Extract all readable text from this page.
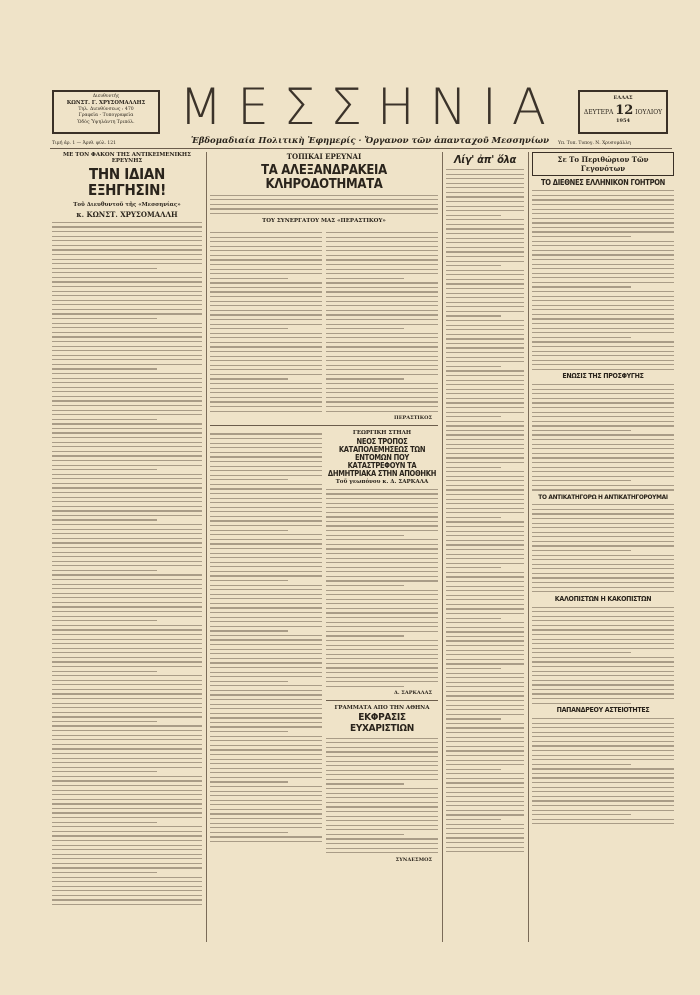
Διευθυντής
ΚΩΝΣΤ. Γ. ΧΡΥΣΟΜΑΛΛΗΣ
Τηλ. Διευθύνσεως : 470
Γραφεῖα - Τυπογραφεῖα
Ὁδὸς Ὑψηλάντη Τριπόλ. ΜΕΣΣΗΝΙΑ	ΕΛΛΑΣ
ΔΕΥΤΕΡΑ 12 ΙΟΥΛΙΟΥ
1954
Ἑβδομαδιαία Πολιτικὴ Ἐφημερίς · Ὄργανον τῶν ἁπανταχοῦ Μεσσηνίων
Τιμή ἀρ. 1 — Ἀριθ. φύλ. 121	Υπ. Τυπ. Τυπογ. Ν. Χρυσομάλλη
ΜΕ ΤΟΝ ΦΑΚΟΝ ΤΗΣ ΑΝΤΙΚΕΙΜΕΝΙΚΗΣ ΕΡΕΥΝΗΣ
ΤΗΝ ΙΔΙΑΝ ΕΞΗΓΗΣΙΝ!
Τοῦ Διευθυντοῦ τῆς «Μεσσηνίας»
κ. ΚΩΝΣΤ. ΧΡΥΣΟΜΑΛΛΗ
ΤΟΠΙΚΑΙ ΕΡΕΥΝΑΙ
ΤΑ ΑΛΕΞΑΝΔΡΑΚΕΙΑ ΚΛΗΡΟΔΟΤΗΜΑΤΑ
ΤΟΥ ΣΥΝΕΡΓΑΤΟΥ ΜΑΣ «ΠΕΡΑΣΤΙΚΟΥ»
ΠΕΡΑΣΤΙΚΟΣ
ΓΕΩΡΓΙΚΗ ΣΤΗΛΗ
ΝΕΟΣ ΤΡΟΠΟΣ ΚΑΤΑΠΟΛΕΜΗΣΕΩΣ ΤΩΝ ΕΝΤΟΜΩΝ ΠΟΥ ΚΑΤΑΣΤΡΕΦΟΥΝ ΤΑ ΔΗΜΗΤΡΙΑΚΑ ΣΤΗΝ ΑΠΟΘΗΚΗ
Τοῦ γεωπόνου κ. Δ. ΣΑΡΚΑΛΑ
Δ. ΣΑΡΚΑΛΑΣ
ΓΡΑΜΜΑΤΑ ΑΠΟ ΤΗΝ ΑΘΗΝΑ
ΕΚΦΡΑΣΙΣ ΕΥΧΑΡΙΣΤΙΩΝ
ΣΥΝΔΕΣΜΟΣ
Λίγ' ἀπ' ὅλα	Σε Το Περιθώριον Τῶν Γεγονότων
ΤΟ ΔΙΕΘΝΕΣ ΕΛΛΗΝΙΚΟΝ ΓΟΗΤΡΟΝ
ΕΝΩΣΙΣ ΤΗΣ ΠΡΟΣΦΥΓΗΣ
ΤΟ ΑΝΤΙΚΑΤΗΓΟΡΩ Η ΑΝΤΙΚΑΤΗΓΟΡΟΥΜΑΙ
ΚΑΛΟΠΙΣΤΩΝ Η ΚΑΚΟΠΙΣΤΩΝ
ΠΑΠΑΝΔΡΕΟΥ ΑΣΤΕΙΟΤΗΤΕΣ
